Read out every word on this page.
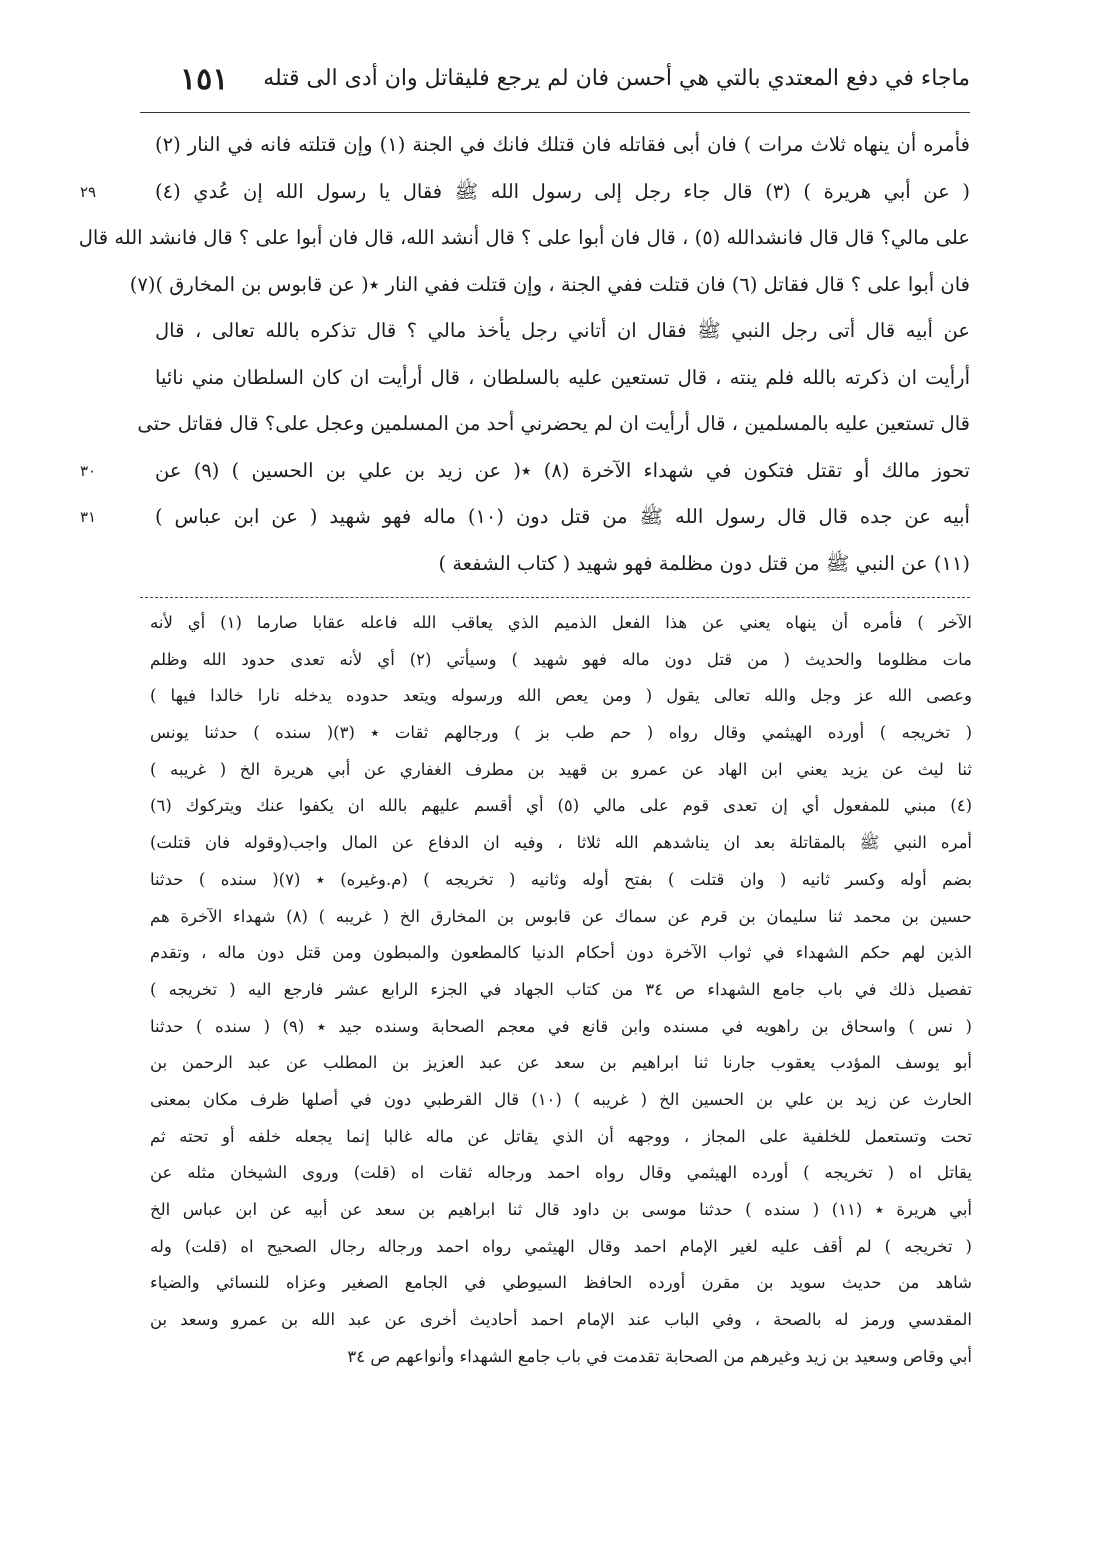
ماجاء في دفع المعتدي بالتي هي أحسن فان لم يرجع فليقاتل وان أدى الى قتله
١٥١
فأمره أن ينهاه ثلاث مرات ) فان أبى فقاتله فان قتلك فانك في الجنة (١) وإن قتلته فانه في النار (٢)
( عن أبي هريرة ) (٣) قال جاء رجل إلى رسول الله ﷺ فقال يا رسول الله إن عُدي (٤)
على مالي؟ قال قال فانشدالله (٥) ، قال فان أبوا على ؟ قال أنشد الله، قال فان أبوا على ؟ قال فانشد الله قال
فان أبوا على ؟ قال فقاتل (٦) فان قتلت ففي الجنة ، وإن قتلت ففي النار ٭( عن قابوس بن المخارق )(٧)
عن أبيه قال أتى رجل النبي ﷺ فقال ان أتاني رجل يأخذ مالي ؟ قال تذكره بالله تعالى ، قال
أرأيت ان ذكرته بالله فلم ينته ، قال تستعين عليه بالسلطان ، قال أرأيت ان كان السلطان مني نائيا
قال تستعين عليه بالمسلمين ، قال أرأيت ان لم يحضرني أحد من المسلمين وعجل على؟ قال فقاتل حتى
تحوز مالك أو تقتل فتكون في شهداء الآخرة (٨) ٭( عن زيد بن علي بن الحسين ) (٩) عن
أبيه عن جده قال قال رسول الله ﷺ من قتل دون (١٠) ماله فهو شهيد ( عن ابن عباس )
(١١) عن النبي ﷺ من قتل دون مظلمة فهو شهيد ( كتاب الشفعة )
٢٩
٣٠
٣١
الآخر ) فأمره أن ينهاه يعني عن هذا الفعل الذميم الذي يعاقب الله فاعله عقابا صارما (١) أي لأنه
مات مظلوما والحديث ( من قتل دون ماله فهو شهيد ) وسيأتي (٢) أي لأنه تعدى حدود الله وظلم
وعصى الله عز وجل والله تعالى يقول ( ومن يعص الله ورسوله ويتعد حدوده يدخله نارا خالدا فيها )
( تخريجه ) أورده الهيثمي وقال رواه ( حم طب بز ) ورجالهم ثقات ٭ (٣)( سنده ) حدثنا يونس
ثنا ليث عن يزيد يعني ابن الهاد عن عمرو بن قهيد بن مطرف الغفاري عن أبي هريرة الخ ( غريبه )
(٤) مبني للمفعول أي إن تعدى قوم على مالي (٥) أي أقسم عليهم بالله ان يكفوا عنك ويتركوك (٦)
أمره النبي ﷺ بالمقاتلة بعد ان يناشدهم الله ثلاثا ، وفيه ان الدفاع عن المال واجب(وقوله فان قتلت)
بضم أوله وكسر ثانيه ( وان قتلت ) بفتح أوله وثانيه ( تخريجه ) (م.وغيره) ٭ (٧)( سنده ) حدثنا
حسين بن محمد ثنا سليمان بن قرم عن سماك عن قابوس بن المخارق الخ ( غريبه ) (٨) شهداء الآخرة هم
الذين لهم حكم الشهداء في ثواب الآخرة دون أحكام الدنيا كالمطعون والمبطون ومن قتل دون ماله ، وتقدم
تفصيل ذلك في باب جامع الشهداء ص ٣٤ من كتاب الجهاد في الجزء الرابع عشر فارجع اليه ( تخريجه )
( نس ) واسحاق بن راهويه في مسنده وابن قانع في معجم الصحابة وسنده جيد ٭ (٩) ( سنده ) حدثنا
أبو يوسف المؤدب يعقوب جارنا ثنا ابراهيم بن سعد عن عبد العزيز بن المطلب عن عبد الرحمن بن
الحارث عن زيد بن علي بن الحسين الخ ( غريبه ) (١٠) قال القرطبي دون في أصلها ظرف مكان بمعنى
تحت وتستعمل للخلفية على المجاز ، ووجهه أن الذي يقاتل عن ماله غالبا إنما يجعله خلفه أو تحته ثم
يقاتل اه ( تخريجه ) أورده الهيثمي وقال رواه احمد ورجاله ثقات اه (قلت) وروى الشيخان مثله عن
أبي هريرة ٭ (١١) ( سنده ) حدثنا موسى بن داود قال ثنا ابراهيم بن سعد عن أبيه عن ابن عباس الخ
( تخريجه ) لم أقف عليه لغير الإمام احمد وقال الهيثمي رواه احمد ورجاله رجال الصحيح اه (قلت) وله
شاهد من حديث سويد بن مقرن أورده الحافظ السيوطي في الجامع الصغير وعزاه للنسائي والضياء
المقدسي ورمز له بالصحة ، وفي الباب عند الإمام احمد أحاديث أخرى عن عبد الله بن عمرو وسعد بن
أبي وقاص وسعيد بن زيد وغيرهم من الصحابة تقدمت في باب جامع الشهداء وأنواعهم ص ٣٤
